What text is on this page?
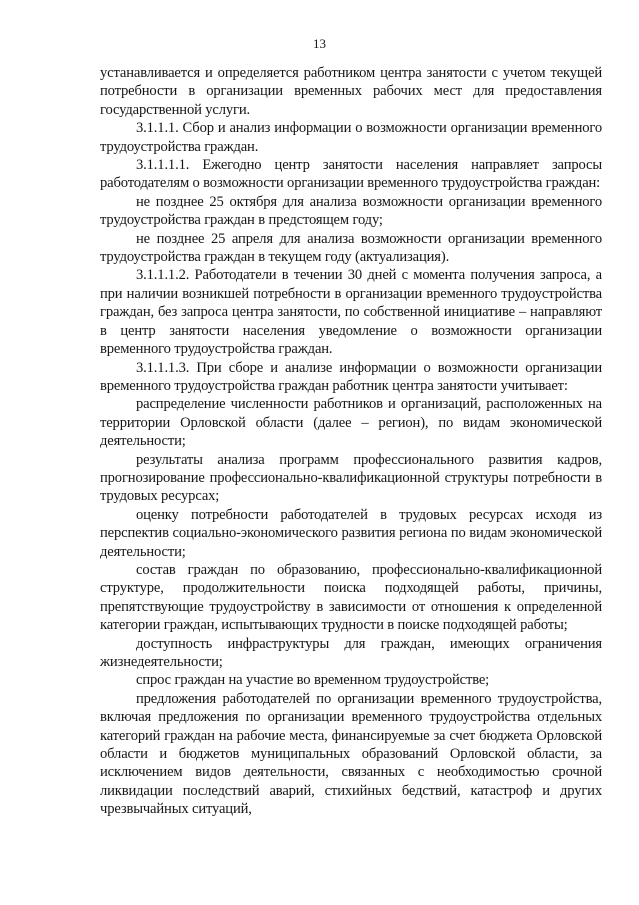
13

устанавливается и определяется работником центра занятости с учетом текущей потребности в организации временных рабочих мест для предоставления государственной услуги.

3.1.1.1. Сбор и анализ информации о возможности организации временного трудоустройства граждан.

3.1.1.1.1. Ежегодно центр занятости населения направляет запросы работодателям о возможности организации временного трудоустройства граждан:

не позднее 25 октября для анализа возможности организации временного трудоустройства граждан в предстоящем году;

не позднее 25 апреля для анализа возможности организации временного трудоустройства граждан в текущем году (актуализация).

3.1.1.1.2. Работодатели в течении 30 дней с момента получения запроса, а при наличии возникшей потребности в организации временного трудоустройства граждан, без запроса центра занятости, по собственной инициативе – направляют в центр занятости населения уведомление о возможности организации временного трудоустройства граждан.

3.1.1.1.3. При сборе и анализе информации о возможности организации временного трудоустройства граждан работник центра занятости учитывает:

распределение численности работников и организаций, расположенных на территории Орловской области (далее – регион), по видам экономической деятельности;

результаты анализа программ профессионального развития кадров, прогнозирование профессионально-квалификационной структуры потребности в трудовых ресурсах;

оценку потребности работодателей в трудовых ресурсах исходя из перспектив социально-экономического развития региона по видам экономической деятельности;

состав граждан по образованию, профессионально-квалификационной структуре, продолжительности поиска подходящей работы, причины, препятствующие трудоустройству в зависимости от отношения к определенной категории граждан, испытывающих трудности в поиске подходящей работы;

доступность инфраструктуры для граждан, имеющих ограничения жизнедеятельности;

спрос граждан на участие во временном трудоустройстве;

предложения работодателей по организации временного трудоустройства, включая предложения по организации временного трудоустройства отдельных категорий граждан на рабочие места, финансируемые за счет бюджета Орловской области и бюджетов муниципальных образований Орловской области, за исключением видов деятельности, связанных с необходимостью срочной ликвидации последствий аварий, стихийных бедствий, катастроф и других чрезвычайных ситуаций,
